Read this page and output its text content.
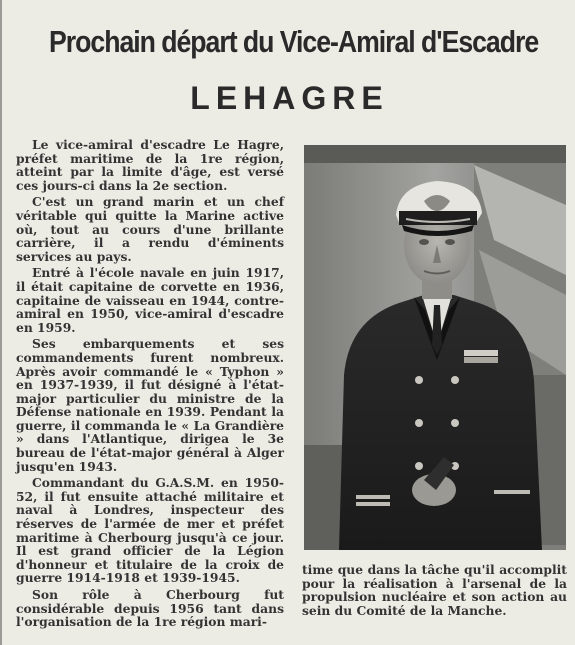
Prochain départ du Vice-Amiral d'Escadre
LEHAGRE

Le vice-amiral d'escadre Le Hagre, préfet maritime de la 1re région, atteint par la limite d'âge, est versé ces jours-ci dans la 2e section.

C'est un grand marin et un chef véritable qui quitte la Marine active où, tout au cours d'une brillante carrière, il a rendu d'éminents services au pays.

Entré à l'école navale en juin 1917, il était capitaine de corvette en 1936, capitaine de vaisseau en 1944, contre-amiral en 1950, vice-amiral d'escadre en 1959.

Ses embarquements et ses commandements furent nombreux. Après avoir commandé le « Typhon » en 1937-1939, il fut désigné à l'état-major particulier du ministre de la Défense nationale en 1939. Pendant la guerre, il commanda le « La Grandière » dans l'Atlantique, dirigea le 3e bureau de l'état-major général à Alger jusqu'en 1943.

Commandant du G.A.S.M. en 1950-52, il fut ensuite attaché militaire et naval à Londres, inspecteur des réserves de l'armée de mer et préfet maritime à Cherbourg jusqu'à ce jour. Il est grand officier de la Légion d'honneur et titulaire de la croix de guerre 1914-1918 et 1939-1945.

Son rôle à Cherbourg fut considérable depuis 1956 tant dans l'organisation de la 1re région mari-

time que dans la tâche qu'il accomplit pour la réalisation à l'arsenal de la propulsion nucléaire et son action au sein du Comité de la Manche.
